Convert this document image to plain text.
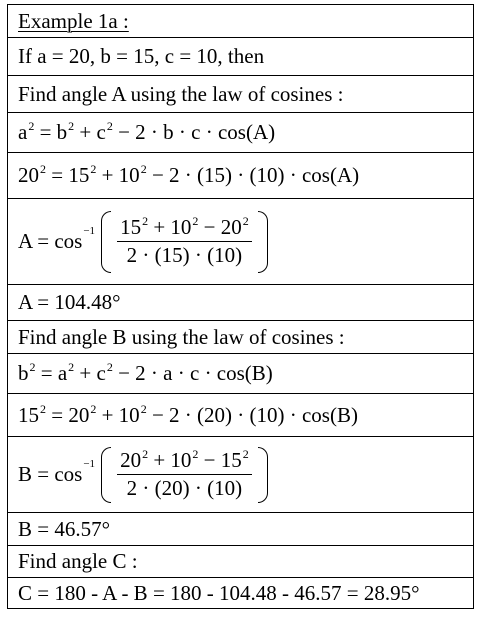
Example 1a :
If a = 20, b = 15, c = 10, then
Find angle A using the law of cosines :
$a^2 = b^2 + c^2 - 2 \cdot b \cdot c \cdot \cos(A)$
$20^2 = 15^2 + 10^2 - 2 \cdot (15) \cdot (10) \cdot \cos(A)$
$A = \cos -1 \frac{15^2 + 10^2 - 20^2}{2 \cdot (15) \cdot (10)}$
A = 104.48°
Find angle B using the law of cosines :
$b^2 = a^2 + c^2 - 2 \cdot a \cdot c \cdot \cos(B)$
$15^2 = 20^2 + 10^2 - 2 \cdot (20) \cdot (10) \cdot \cos(B)$
$B = \cos -1 \frac{20^2 + 10^2 - 15^2}{2 \cdot (20) \cdot (10)}$
B = 46.57°
Find angle C :
C = 180 - A - B = 180 - 104.48 - 46.57 = 28.95°
